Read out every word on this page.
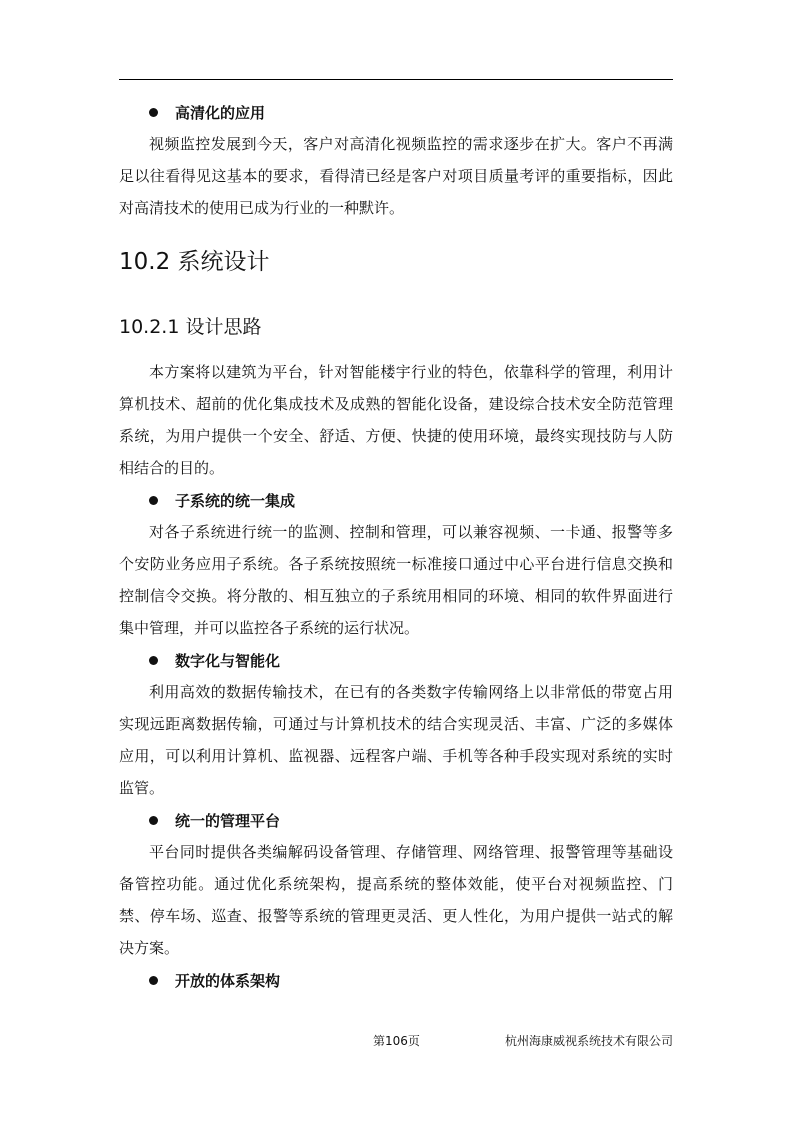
高清化的应用

视频监控发展到今天，客户对高清化视频监控的需求逐步在扩大。客户不再满足以往看得见这基本的要求，看得清已经是客户对项目质量考评的重要指标，因此对高清技术的使用已成为行业的一种默许。

10.2 系统设计
10.2.1 设计思路

本方案将以建筑为平台，针对智能楼宇行业的特色，依靠科学的管理，利用计算机技术、超前的优化集成技术及成熟的智能化设备，建设综合技术安全防范管理系统，为用户提供一个安全、舒适、方便、快捷的使用环境，最终实现技防与人防相结合的目的。

子系统的统一集成

对各子系统进行统一的监测、控制和管理，可以兼容视频、一卡通、报警等多个安防业务应用子系统。各子系统按照统一标准接口通过中心平台进行信息交换和控制信令交换。将分散的、相互独立的子系统用相同的环境、相同的软件界面进行集中管理，并可以监控各子系统的运行状况。

数字化与智能化

利用高效的数据传输技术，在已有的各类数字传输网络上以非常低的带宽占用实现远距离数据传输，可通过与计算机技术的结合实现灵活、丰富、广泛的多媒体应用，可以利用计算机、监视器、远程客户端、手机等各种手段实现对系统的实时监管。

统一的管理平台

平台同时提供各类编解码设备管理、存储管理、网络管理、报警管理等基础设备管控功能。通过优化系统架构，提高系统的整体效能，使平台对视频监控、门禁、停车场、巡查、报警等系统的管理更灵活、更人性化，为用户提供一站式的解决方案。

开放的体系架构
第106页	杭州海康威视系统技术有限公司
